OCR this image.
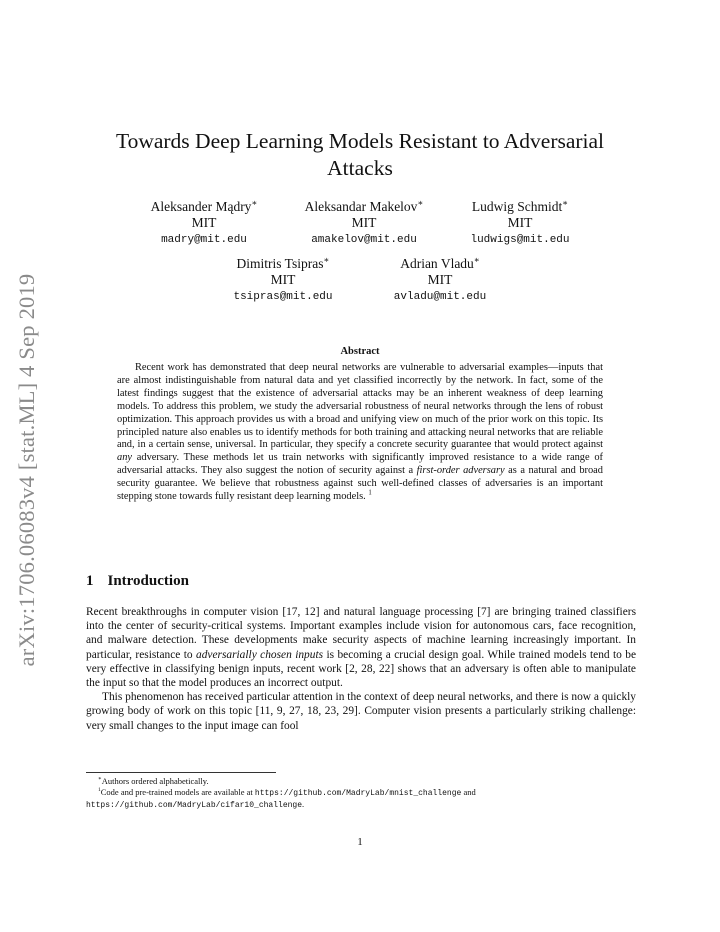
arXiv:1706.06083v4 [stat.ML] 4 Sep 2019
Towards Deep Learning Models Resistant to Adversarial Attacks
Aleksander Mądry∗
MIT
madry@mit.edu
Aleksandar Makelov∗
MIT
amakelov@mit.edu
Ludwig Schmidt∗
MIT
ludwigs@mit.edu
Dimitris Tsipras∗
MIT
tsipras@mit.edu
Adrian Vladu∗
MIT
avladu@mit.edu
Abstract

Recent work has demonstrated that deep neural networks are vulnerable to adversarial examples—inputs that are almost indistinguishable from natural data and yet classified incorrectly by the network. In fact, some of the latest findings suggest that the existence of adversarial attacks may be an inherent weakness of deep learning models. To address this problem, we study the adversarial robustness of neural networks through the lens of robust optimization. This approach provides us with a broad and unifying view on much of the prior work on this topic. Its principled nature also enables us to identify methods for both training and attacking neural networks that are reliable and, in a certain sense, universal. In particular, they specify a concrete security guarantee that would protect against any adversary. These methods let us train networks with significantly improved resistance to a wide range of adversarial attacks. They also suggest the notion of security against a first-order adversary as a natural and broad security guarantee. We believe that robustness against such well-defined classes of adversaries is an important stepping stone towards fully resistant deep learning models. $^1$

1 Introduction

Recent breakthroughs in computer vision [17, 12] and natural language processing [7] are bringing trained classifiers into the center of security-critical systems. Important examples include vision for autonomous cars, face recognition, and malware detection. These developments make security aspects of machine learning increasingly important. In particular, resistance to adversarially chosen inputs is becoming a crucial design goal. While trained models tend to be very effective in classifying benign inputs, recent work [2, 28, 22] shows that an adversary is often able to manipulate the input so that the model produces an incorrect output.

This phenomenon has received particular attention in the context of deep neural networks, and there is now a quickly growing body of work on this topic [11, 9, 27, 18, 23, 29]. Computer vision presents a particularly striking challenge: very small changes to the input image can fool

∗Authors ordered alphabetically.

$^1$Code and pre-trained models are available at https://github.com/MadryLab/mnist_challenge and https://github.com/MadryLab/cifar10_challenge.

1
